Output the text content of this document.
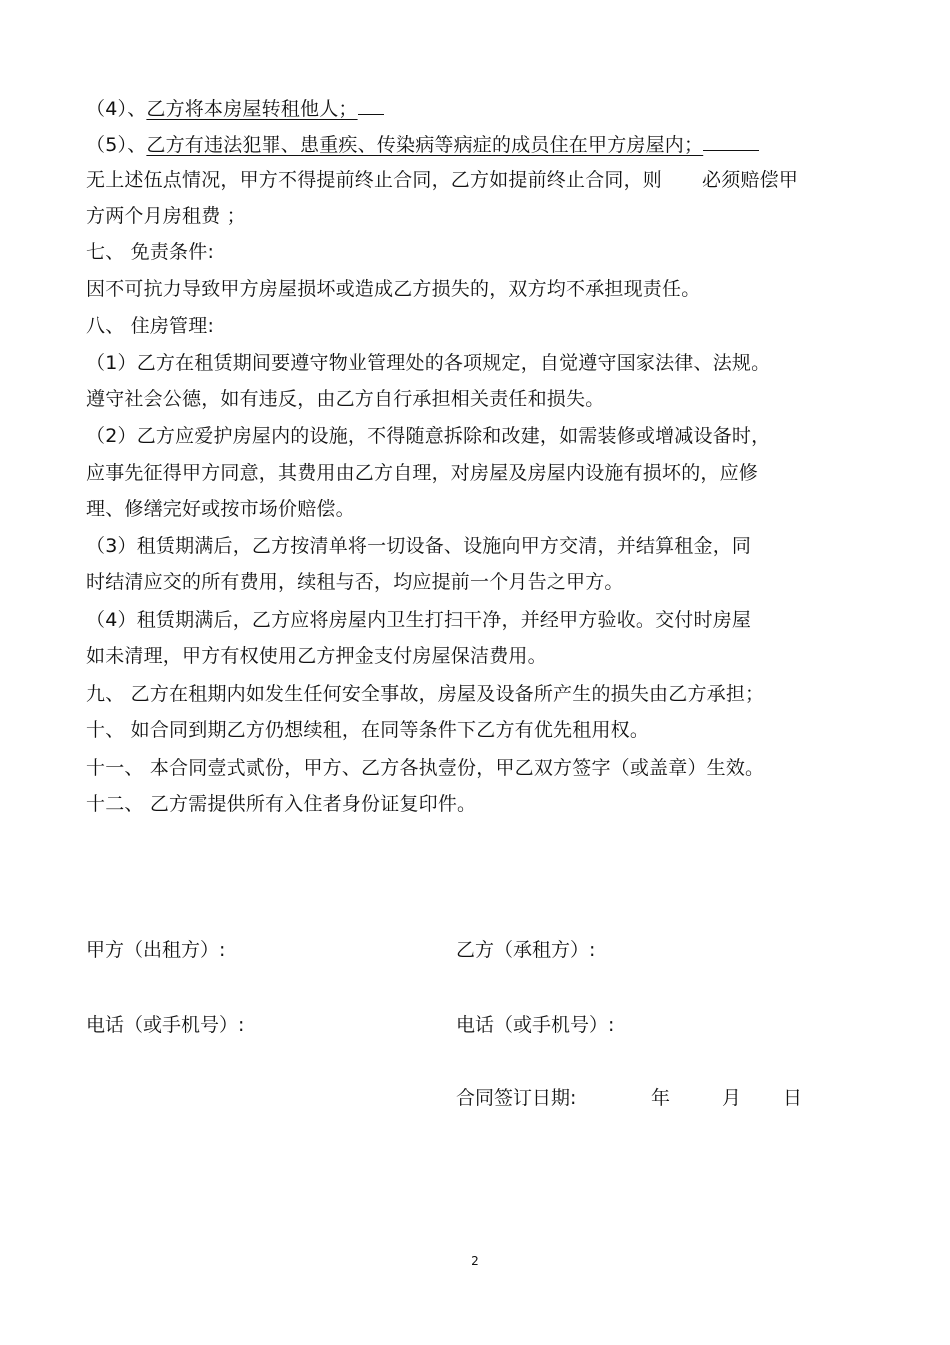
（4）、乙方将本房屋转租他人；
（5）、乙方有违法犯罪、患重疾、传染病等病症的成员住在甲方房屋内；
无上述伍点情况，甲方不得提前终止合同，乙方如提前终止合同，则 必须赔偿甲
方两个月房租费 ；
七、 免责条件:
因不可抗力导致甲方房屋损坏或造成乙方损失的，双方均不承担现责任。
八、 住房管理:
（1）乙方在租赁期间要遵守物业管理处的各项规定，自觉遵守国家法律、法规。
遵守社会公德，如有违反，由乙方自行承担相关责任和损失。
（2）乙方应爱护房屋内的设施，不得随意拆除和改建，如需装修或增减设备时，
应事先征得甲方同意，其费用由乙方自理，对房屋及房屋内设施有损坏的，应修
理、修缮完好或按市场价赔偿。
（3）租赁期满后，乙方按清单将一切设备、设施向甲方交清，并结算租金，同
时结清应交的所有费用，续租与否，均应提前一个月告之甲方。
（4）租赁期满后，乙方应将房屋内卫生打扫干净，并经甲方验收。交付时房屋
如未清理，甲方有权使用乙方押金支付房屋保洁费用。
九、 乙方在租期内如发生任何安全事故，房屋及设备所产生的损失由乙方承担；
十、 如合同到期乙方仍想续租，在同等条件下乙方有优先租用权。
十一、 本合同壹式贰份，甲方、乙方各执壹份，甲乙双方签字（或盖章）生效。
十二、 乙方需提供所有入住者身份证复印件。
甲方（出租方）:	乙方（承租方）:
电话（或手机号）:	电话（或手机号）:
合同签订日期:	年	月 日
2
